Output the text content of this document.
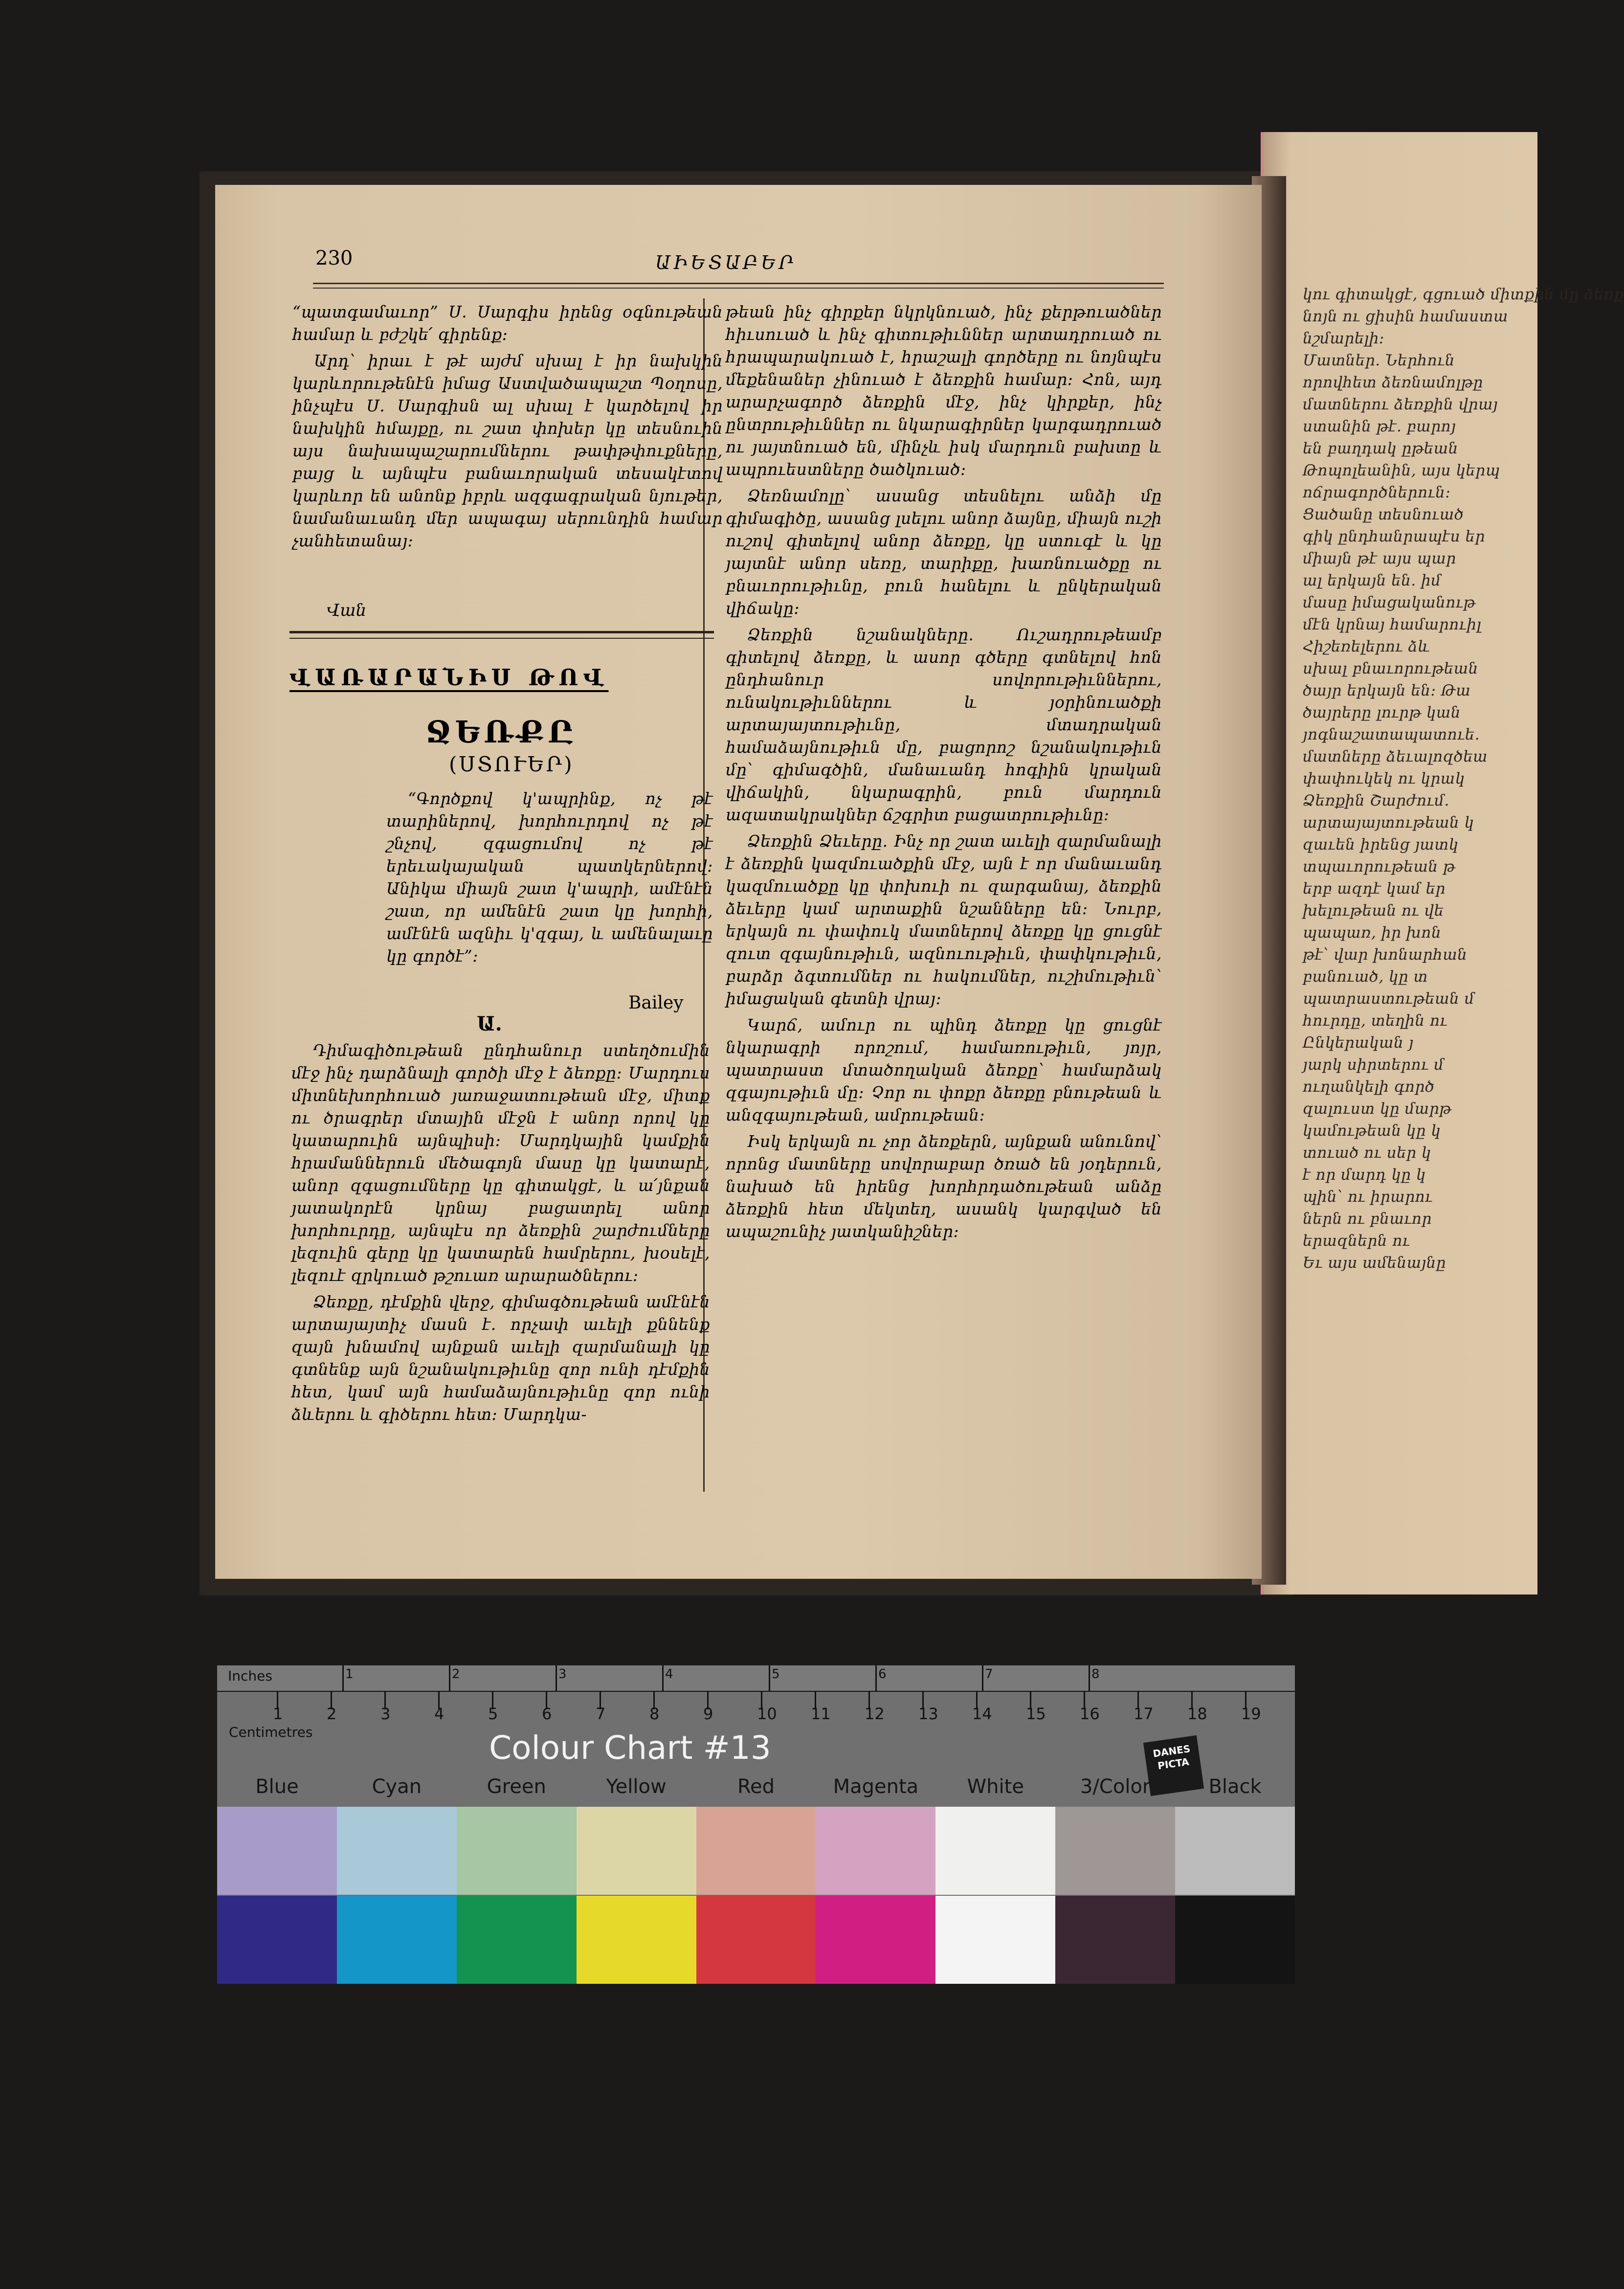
կու գիտակցէ, գցուած միտքին մը ձեռք
նոյն ու ցիսին համաստա
նշմարելի։
Մատներ. Ներհուն
որովհետ ձեռնամոլթը
մատներու ձեռքին վրայ
ստանին թէ. բարոյ
են բաղդակ ըթեան
Թոպոլեանին, այս կերպ
ոճրագործներուն։
Ցածանը տեսնուած
գիկ ընդհանրապէս եր
միայն թէ այս պար
ալ երկայն են. իմ
մասը իմացականութ
մէն կրնայ համարուիլ
Հիշեռելերու ձև
սխալ բնաւորութեան
ծայր երկայն են։ Թա
ծայրերը լուրթ կան
յոգնաշատապատուե.
մատները ձեւալոզծեա
փափուկեկ ու կրակ
Ձեռքին Շարժում.
արտայայտութեան կ
զաւեն իրենց յատկ
տպաւորութեան թ
երբ ազդէ կամ եր
խելութեան ու վե
պապառ, իր խոն
թէ՝ վար խոնարհան
բանուած, կը տ
պատրաստութեան մ
հուրդը, տեղին ու
Ընկերական յ
յարկ սիրտերու մ
ուղանկելի գործ
զալուստ կը մարթ
կամութեան կը կ
տուած ու սեր կ
է որ մարդ կը կ
պին՝ ու իրարու
ներն ու բնաւոր
երազներն ու
Եւ այս ամենայնը
230	ԱԻԵՏԱԲԵՐ

“պատգամաւոր” Ս. Սարգիս իրենց օգնութեան համար և բժշկե՛ գիրենք։

Արդ՝ իրաւ է թէ այժմ սխալ է իր նախկին կարևորութենէն իմաց Աստվածապաշտ Պօղոսը, ինչպէս Ս. Սարգիսն ալ սխալ է կարծելով իր նախկին հմայքը, ու շատ փոխեր կը տեսնուին այս նախապաշարումներու թափթփուքները, բայց և այնպէս բանաւորական տեսակէտով կարևոր են անոնք իբրև ազգագրական նյութեր, նամանաւանդ մեր ապագայ սերունդին համար չանհետանայ։

Վան
ՎԱՌԱՐԱՆԻՍ ԹՈՎ
ՋԵՌՔԸ
(ՍՏՈՒԵՐ)

“Գործքով կ'ապրինք, ոչ թէ տարիներով, խորհուրդով ոչ թէ շնչով, զգացումով ոչ թէ երեւակայական պատկերներով։ Անիկա միայն շատ կ'ապրի, ամէնէն շատ, որ ամենէն շատ կը խորհի, ամէնէն ազնիւ կ'զգայ, և ամենալաւը կը գործէ”։

Bailey
Ա.

Դիմագիծութեան ընդհանուր ստեղծումին մէջ ինչ դարձնալի գործի մէջ է ձեռքը։ Մարդուս միտնեխորհուած յառաջատութեան մէջ, միտք ու ծրագրեր մտային մէջն է անոր որով կը կատարուին այնպիսի։ Մարդկային կամքին հրամաններուն մեծագոյն մասը կը կատարէ, անոր զգացումները կը գիտակցէ, և ա՛յնքան յատակորէն կրնայ բացատրել անոր խորհուրդը, այնպէս որ ձեռքին շարժումները լեզուին գերը կը կատարեն համրերու, խօսելէ, լեզուէ զրկուած թշուառ արարածներու։

Ձեռքը, դէմքին վերջ, գիմագծութեան ամէնէն արտայայտիչ մասն է. որչափ աւելի քննենք զայն խնամով այնքան աւելի զարմանալի կը գտնենք այն նշանակութիւնը զոր ունի դէմքին հետ, կամ այն համաձայնութիւնը զոր ունի ձևերու և գիծերու հետ։ Մարդկա-

թեան ինչ գիրքեր նկրկնուած, ինչ քերթուածներ հիւսուած և ինչ գիտութիւններ արտադրուած ու հրապարակուած է, հրաշալի գործերը ու նոյնպէս մեքենաներ չինուած է ձեռքին համար։ Հոն, այդ արարչագործ ձեռքին մէջ, ինչ կիրքեր, ինչ ընտրութիւններ ու նկարագիրներ կարգադրուած ու յայտնուած են, մինչև իսկ մարդուն բախտը և ապրուեստները ծածկուած։

Ձեռնամոլը՝ ասանց տեսնելու անձի մը գիմագիծը, ասանց լսելու անոր ձայնը, միայն ուշի ուշով գիտելով անոր ձեռքը, կը ստուգէ և կը յայտնէ անոր սեռը, տարիքը, խառնուածքը ու բնաւորութիւնը, բուն հանելու և ընկերական վիճակը։

Ձեռքին նշանակները. Ուշադրութեամբ գիտելով ձեռքը, և ասոր գծերը գտնելով հոն ընդհանուր սովորութիւններու, ունակութիւններու և յօրինուածքի արտայայտութիւնը, մտադրական համաձայնութիւն մը, բացորոշ նշանակութիւն մը՝ գիմագծին, մանաւանդ հոգիին կրական վիճակին, նկարագրին, բուն մարդուն ազատակրակներ ճշգրիտ բացատրութիւնը։

Ձեռքին Ձեւերը. Ինչ որ շատ աւելի զարմանալի է ձեռքին կազմուածքին մէջ, այն է որ մանաւանդ կազմուածքը կը փոխուի ու զարգանայ, ձեռքին ձեւերը կամ արտաքին նշանները են։ Նուրբ, երկայն ու փափուկ մատներով ձեռքը կը ցուցնէ զուտ զգայնութիւն, ազնուութիւն, փափկութիւն, բարձր ձգտումներ ու հակումներ, ուշիմութիւն՝ իմացական գետնի վրայ։

Կարճ, ամուր ու պինդ ձեռքը կը ցուցնէ նկարագրի որոշում, համառութիւն, յոյր, պատրաստ մտածողական ձեռքը՝ համարձակ զգայութիւն մը։ Չոր ու փոքր ձեռքը բնութեան և անզգայութեան, ամրութեան։

Իսկ երկայն ու չոր ձեռքերն, այնքան անունով՝ որոնց մատները սովորաբար ծռած են յօդերուն, նախած են իրենց խորհրդածութեան անձը ձեռքին հետ մեկտեղ, ասանկ կարգված են ապաշունիչ յատկանիշներ։

Inches
Centimetres
1	2	3	4	5	6	7	8
1	2	3	4	5	6	7	8	9	10 11 12 13 14 15 16 17 18 19
Colour Chart #13	DANES
PICTA
Blue	Cyan	Green	Yellow	Red	Magenta	White	3/Color	Black
